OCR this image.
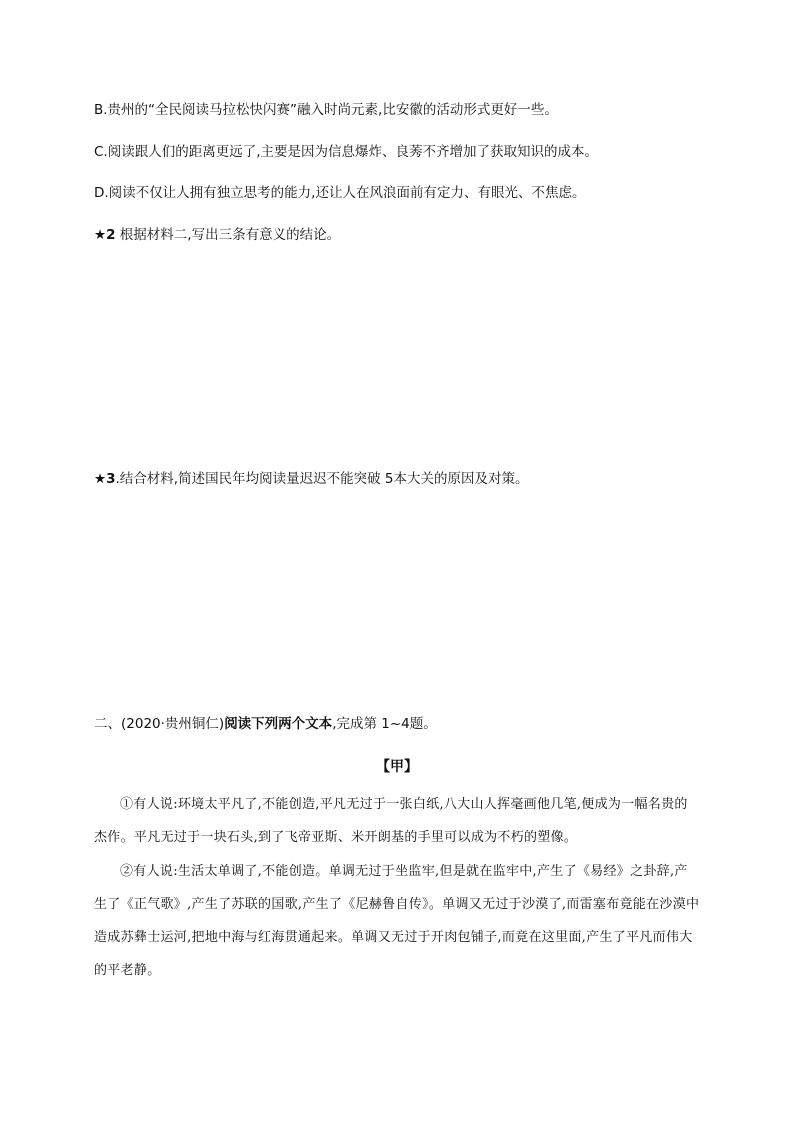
B.贵州的“全民阅读马拉松快闪赛”融入时尚元素,比安徽的活动形式更好一些。
C.阅读跟人们的距离更远了,主要是因为信息爆炸、良莠不齐增加了获取知识的成本。
D.阅读不仅让人拥有独立思考的能力,还让人在风浪面前有定力、有眼光、不焦虑。
★2 根据材料二,写出三条有意义的结论。
★3.结合材料,简述国民年均阅读量迟迟不能突破 5本大关的原因及对策。
二、(2020·贵州铜仁)阅读下列两个文本,完成第 1~4题。
【甲】
①有人说:环境太平凡了,不能创造,平凡无过于一张白纸,八大山人挥毫画他几笔,便成为一幅名贵的杰作。平凡无过于一块石头,到了飞帝亚斯、米开朗基的手里可以成为不朽的塑像。
②有人说:生活太单调了,不能创造。单调无过于坐监牢,但是就在监牢中,产生了《易经》之卦辞,产生了《正气歌》,产生了苏联的国歌,产生了《尼赫鲁自传》。单调又无过于沙漠了,而雷塞布竟能在沙漠中造成苏彝士运河,把地中海与红海贯通起来。单调又无过于开肉包铺子,而竟在这里面,产生了平凡而伟大的平老静。
